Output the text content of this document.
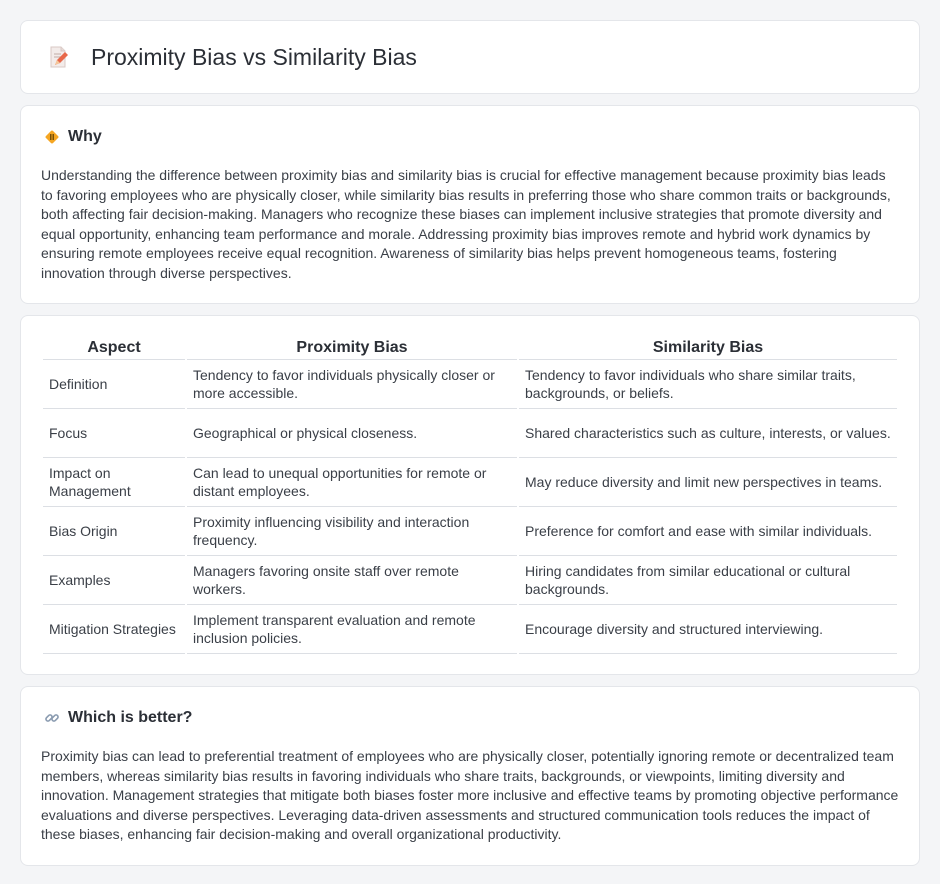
Proximity Bias vs Similarity Bias
Why

Understanding the difference between proximity bias and similarity bias is crucial for effective management because proximity bias leads to favoring employees who are physically closer, while similarity bias results in preferring those who share common traits or backgrounds, both affecting fair decision-making. Managers who recognize these biases can implement inclusive strategies that promote diversity and equal opportunity, enhancing team performance and morale. Addressing proximity bias improves remote and hybrid work dynamics by ensuring remote employees receive equal recognition. Awareness of similarity bias helps prevent homogeneous teams, fostering innovation through diverse perspectives.

Aspect	Proximity Bias	Similarity Bias
Definition	Tendency to favor individuals physically closer or more accessible.	Tendency to favor individuals who share similar traits, backgrounds, or beliefs.
Focus	Geographical or physical closeness.	Shared characteristics such as culture, interests, or values.
Impact on Management	Can lead to unequal opportunities for remote or distant employees.	May reduce diversity and limit new perspectives in teams.
Bias Origin	Proximity influencing visibility and interaction frequency.	Preference for comfort and ease with similar individuals.
Examples	Managers favoring onsite staff over remote workers.	Hiring candidates from similar educational or cultural backgrounds.
Mitigation Strategies	Implement transparent evaluation and remote inclusion policies.	Encourage diversity and structured interviewing.
Which is better?

Proximity bias can lead to preferential treatment of employees who are physically closer, potentially ignoring remote or decentralized team members, whereas similarity bias results in favoring individuals who share traits, backgrounds, or viewpoints, limiting diversity and innovation. Management strategies that mitigate both biases foster more inclusive and effective teams by promoting objective performance evaluations and diverse perspectives. Leveraging data-driven assessments and structured communication tools reduces the impact of these biases, enhancing fair decision-making and overall organizational productivity.
